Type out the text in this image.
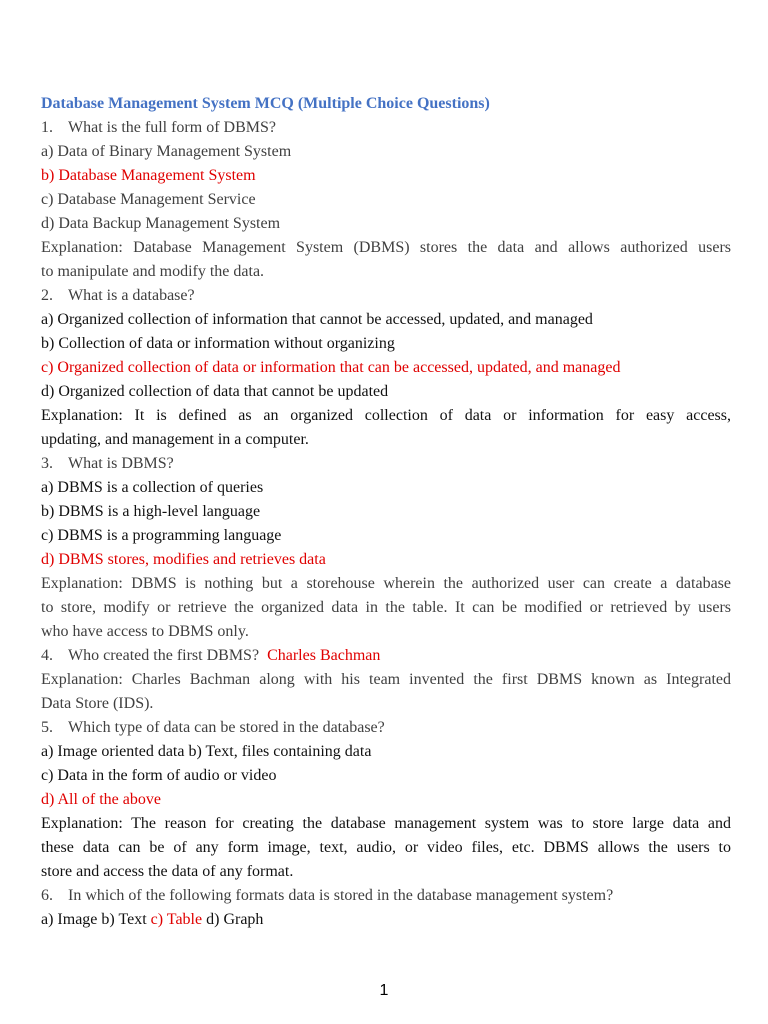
Database Management System MCQ (Multiple Choice Questions)
1. What is the full form of DBMS?
a) Data of Binary Management System
b) Database Management System
c) Database Management Service
d) Data Backup Management System
Explanation: Database Management System (DBMS) stores the data and allows authorized users
to manipulate and modify the data.
2. What is a database?
a) Organized collection of information that cannot be accessed, updated, and managed
b) Collection of data or information without organizing
c) Organized collection of data or information that can be accessed, updated, and managed
d) Organized collection of data that cannot be updated
Explanation: It is defined as an organized collection of data or information for easy access,
updating, and management in a computer.
3. What is DBMS?
a) DBMS is a collection of queries
b) DBMS is a high-level language
c) DBMS is a programming language
d) DBMS stores, modifies and retrieves data
Explanation: DBMS is nothing but a storehouse wherein the authorized user can create a database
to store, modify or retrieve the organized data in the table. It can be modified or retrieved by users
who have access to DBMS only.
4. Who created the first DBMS? Charles Bachman
Explanation: Charles Bachman along with his team invented the first DBMS known as Integrated
Data Store (IDS).
5. Which type of data can be stored in the database?
a) Image oriented data b) Text, files containing data
c) Data in the form of audio or video
d) All of the above
Explanation: The reason for creating the database management system was to store large data and
these data can be of any form image, text, audio, or video files, etc. DBMS allows the users to
store and access the data of any format.
6. In which of the following formats data is stored in the database management system?
a) Image b) Text c) Table d) Graph
1
